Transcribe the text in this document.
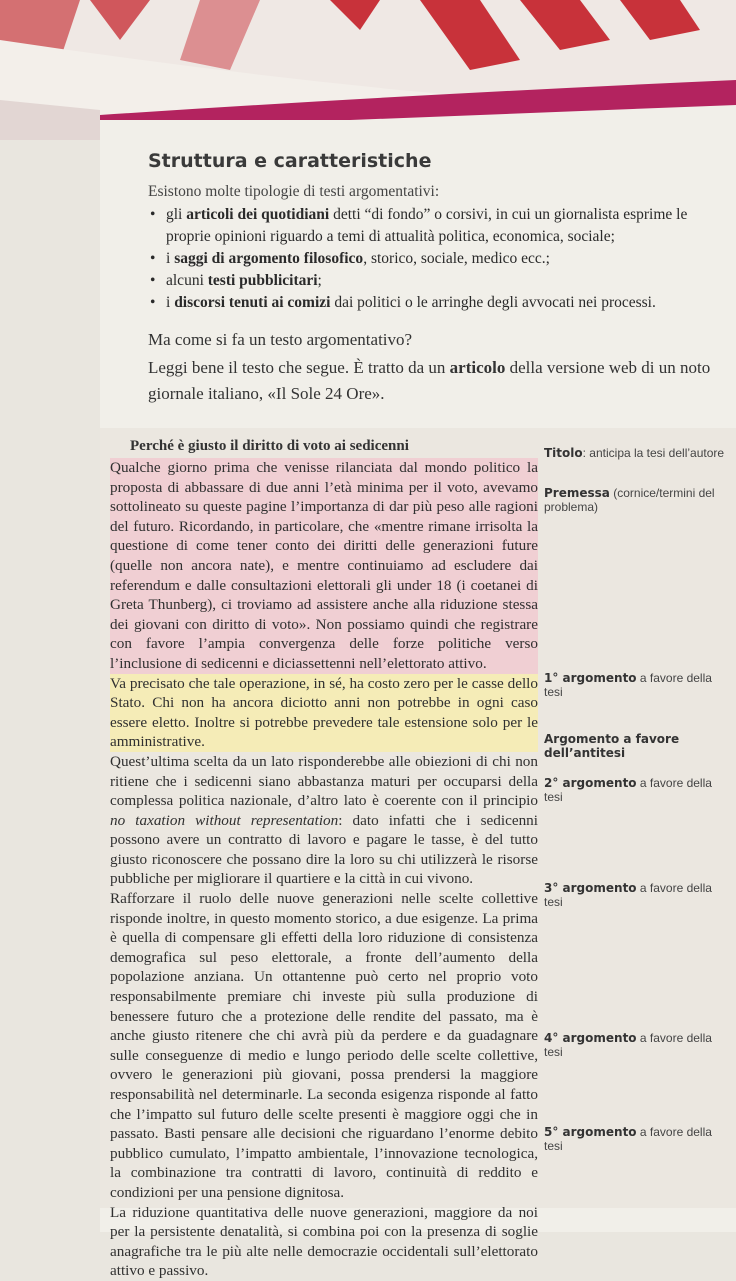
Struttura e caratteristiche
Esistono molte tipologie di testi argomentativi:
• gli articoli dei quotidiani detti “di fondo” o corsivi, in cui un giornalista esprime le proprie opinioni riguardo a temi di attualità politica, economica, sociale;
• i saggi di argomento filosofico, storico, sociale, medico ecc.;
• alcuni testi pubblicitari;
• i discorsi tenuti ai comizi dai politici o le arringhe degli avvocati nei processi.
Ma come si fa un testo argomentativo?
Leggi bene il testo che segue. È tratto da un articolo della versione web di un noto giornale italiano, «Il Sole 24 Ore».
Perché è giusto il diritto di voto ai sedicenni

Qualche giorno prima che venisse rilanciata dal mondo politico la proposta di abbassare di due anni l’età minima per il voto, avevamo sottolineato su queste pagine l’importanza di dar più peso alle ragioni del futuro. Ricordando, in particolare, che «mentre rimane irrisolta la questione di come tener conto dei diritti delle generazioni future (quelle non ancora nate), e mentre continuiamo ad escludere dai referendum e dalle consultazioni elettorali gli under 18 (i coetanei di Greta Thunberg), ci troviamo ad assistere anche alla riduzione stessa dei giovani con diritto di voto». Non possiamo quindi che registrare con favore l’ampia convergenza delle forze politiche verso l’inclusione di sedicenni e diciassettenni nell’elettorato attivo.

Va precisato che tale operazione, in sé, ha costo zero per le casse dello Stato. Chi non ha ancora diciotto anni non potrebbe in ogni caso essere eletto. Inoltre si potrebbe prevedere tale estensione solo per le amministrative.

Quest’ultima scelta da un lato risponderebbe alle obiezioni di chi non ritiene che i sedicenni siano abbastanza maturi per occuparsi della complessa politica nazionale, d’altro lato è coerente con il principio no taxation without representation: dato infatti che i sedicenni possono avere un contratto di lavoro e pagare le tasse, è del tutto giusto riconoscere che possano dire la loro su chi utilizzerà le risorse pubbliche per migliorare il quartiere e la città in cui vivono.

Rafforzare il ruolo delle nuove generazioni nelle scelte collettive risponde inoltre, in questo momento storico, a due esigenze. La prima è quella di compensare gli effetti della loro riduzione di consistenza demografica sul peso elettorale, a fronte dell’aumento della popolazione anziana. Un ottantenne può certo nel proprio voto responsabilmente premiare chi investe più sulla produzione di benessere futuro che a protezione delle rendite del passato, ma è anche giusto ritenere che chi avrà più da perdere e da guadagnare sulle conseguenze di medio e lungo periodo delle scelte collettive, ovvero le generazioni più giovani, possa prendersi la maggiore responsabilità nel determinarle. La seconda esigenza risponde al fatto che l’impatto sul futuro delle scelte presenti è maggiore oggi che in passato. Basti pensare alle decisioni che riguardano l’enorme debito pubblico cumulato, l’impatto ambientale, l’innovazione tecnologica, la combinazione tra contratti di lavoro, continuità di reddito e condizioni per una pensione dignitosa.

La riduzione quantitativa delle nuove generazioni, maggiore da noi per la persistente denatalità, si combina poi con la presenza di soglie anagrafiche tra le più alte nelle democrazie occidentali sull’elettorato attivo e passivo.

Titolo: anticipa la tesi dell’autore
Premessa (cornice/termini del problema)
1° argomento a favore della tesi
Argomento a favore dell’antitesi
2° argomento a favore della tesi
3° argomento a favore della tesi
4° argomento a favore della tesi
5° argomento a favore della tesi
